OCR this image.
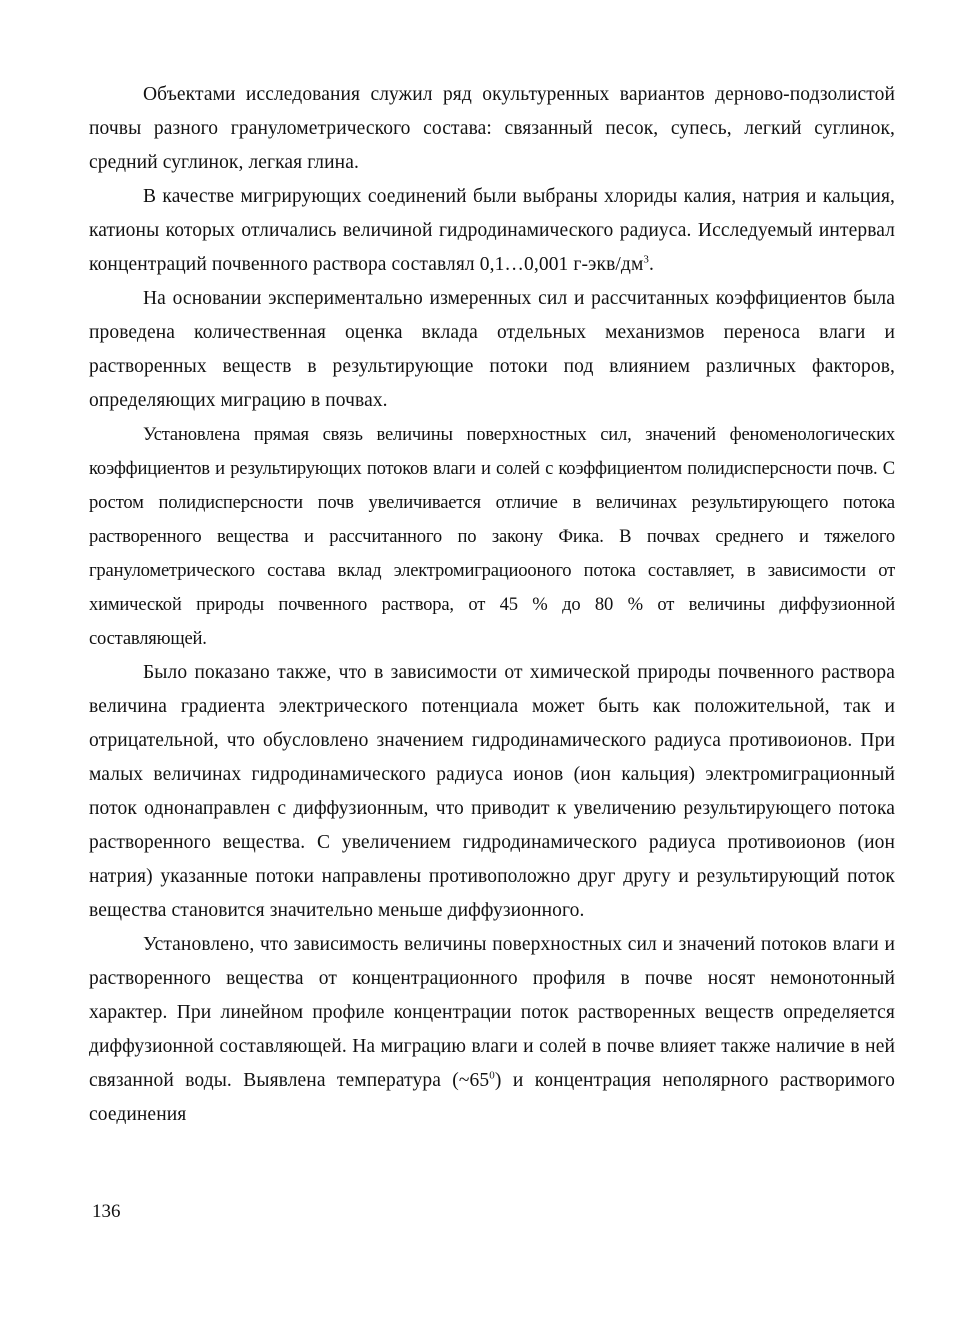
Объектами исследования служил ряд окультуренных вариантов дерново-подзолистой почвы разного гранулометрического состава: связанный песок, супесь, легкий суглинок, средний суглинок, легкая глина.

В качестве мигрирующих соединений были выбраны хлориды калия, натрия и кальция, катионы которых отличались величиной гидродинамического радиуса. Исследуемый интервал концентраций почвенного раствора составлял 0,1…0,001 $г-экв/дм^3$.

На основании экспериментально измеренных сил и рассчитанных коэффициентов была проведена количественная оценка вклада отдельных механизмов переноса влаги и растворенных веществ в результирующие потоки под влиянием различных факторов, определяющих миграцию в почвах.

Установлена прямая связь величины поверхностных сил, значений феноменологических коэффициентов и результирующих потоков влаги и солей с коэффициентом полидисперсности почв. С ростом полидисперсности почв увеличивается отличие в величинах результирующего потока растворенного вещества и рассчитанного по закону Фика. В почвах среднего и тяжелого гранулометрического состава вклад электромиграциооного потока составляет, в зависимости от химической природы почвенного раствора, от 45 % до 80 % от величины диффузионной составляющей.

Было показано также, что в зависимости от химической природы почвенного раствора величина градиента электрического потенциала может быть как положительной, так и отрицательной, что обусловлено значением гидродинамического радиуса противоионов. При малых величинах гидродинамического радиуса ионов (ион кальция) электромиграционный поток однонаправлен с диффузионным, что приводит к увеличению результирующего потока растворенного вещества. С увеличением гидродинамического радиуса противоионов (ион натрия) указанные потоки направлены противоположно друг другу и результирующий поток вещества становится значительно меньше диффузионного.

Установлено, что зависимость величины поверхностных сил и значений потоков влаги и растворенного вещества от концентрационного профиля в почве носят немонотонный характер. При линейном профиле концентрации поток растворенных веществ определяется диффузионной составляющей. На миграцию влаги и солей в почве влияет также наличие в ней связанной воды. Выявлена температура $(\sim 65^0)$ и концентрация неполярного растворимого соединения

136
